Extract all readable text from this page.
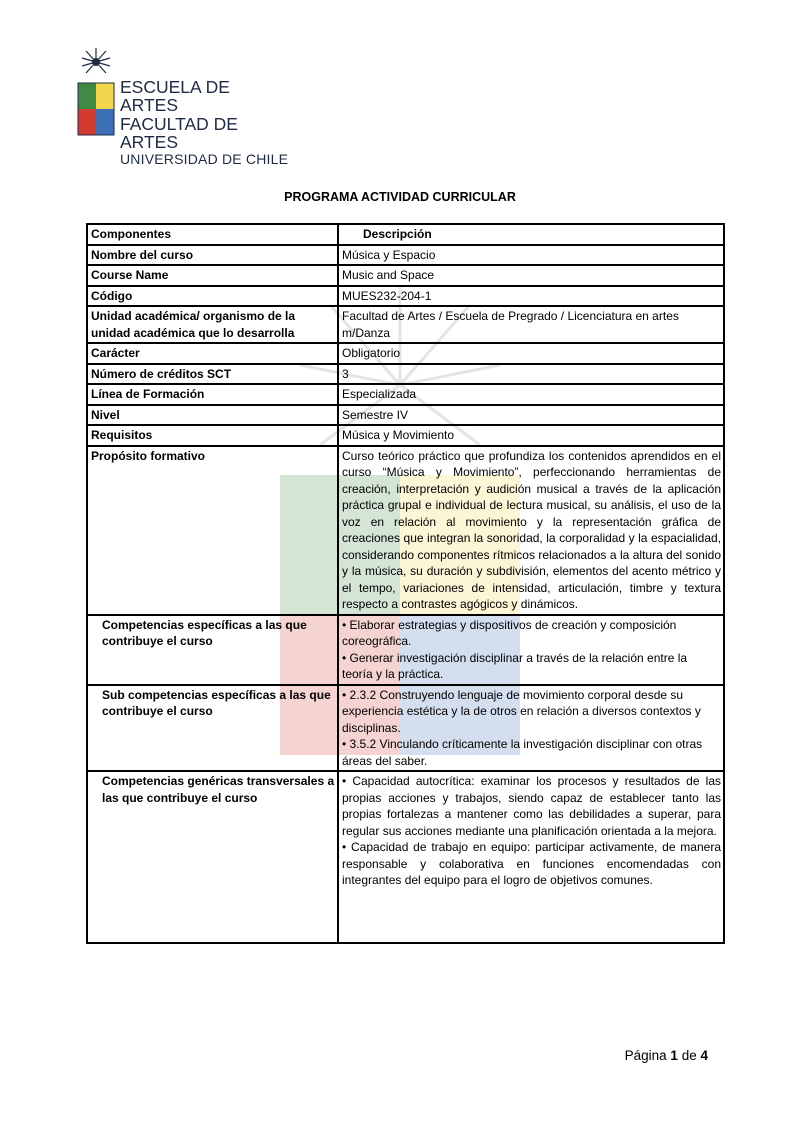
ESCUELA DE ARTES
FACULTAD DE ARTES
UNIVERSIDAD DE CHILE
PROGRAMA ACTIVIDAD CURRICULAR
Componentes	Descripción
Nombre del curso	Música y Espacio
Course Name	Music and Space
Código	MUES232-204-1
Unidad académica/ organismo de la unidad académica que lo desarrolla	Facultad de Artes / Escuela de Pregrado / Licenciatura en artes m/Danza
Carácter	Obligatorio
Número de créditos SCT	3
Línea de Formación	Especializada
Nivel	Semestre IV
Requisitos	Música y Movimiento
Propósito formativo	Curso teórico práctico que profundiza los contenidos aprendidos en el curso “Música y Movimiento”, perfeccionando herramientas de creación, interpretación y audición musical a través de la aplicación práctica grupal e individual de lectura musical, su análisis, el uso de la voz en relación al movimiento y la representación gráfica de creaciones que integran la sonoridad, la corporalidad y la espacialidad, considerando componentes rítmicos relacionados a la altura del sonido y la música, su duración y subdivisión, elementos del acento métrico y el tempo, variaciones de intensidad, articulación, timbre y textura respecto a contrastes agógicos y dinámicos.
Competencias específicas a las que contribuye el curso	• Elaborar estrategias y dispositivos de creación y composición coreográfica.
• Generar investigación disciplinar a través de la relación entre la teoría y la práctica.

Sub competencias específicas a las que contribuye el curso	• 2.3.2 Construyendo lenguaje de movimiento corporal desde su experiencia estética y la de otros en relación a diversos contextos y disciplinas.
• 3.5.2 Vinculando críticamente la investigación disciplinar con otras áreas del saber.

Competencias genéricas transversales a las que contribuye el curso	• Capacidad autocrítica: examinar los procesos y resultados de las propias acciones y trabajos, siendo capaz de establecer tanto las propias fortalezas a mantener como las debilidades a superar, para regular sus acciones mediante una planificación orientada a la mejora.
• Capacidad de trabajo en equipo: participar activamente, de manera responsable y colaborativa en funciones encomendadas con integrantes del equipo para el logro de objetivos comunes.
Página 1 de 4
